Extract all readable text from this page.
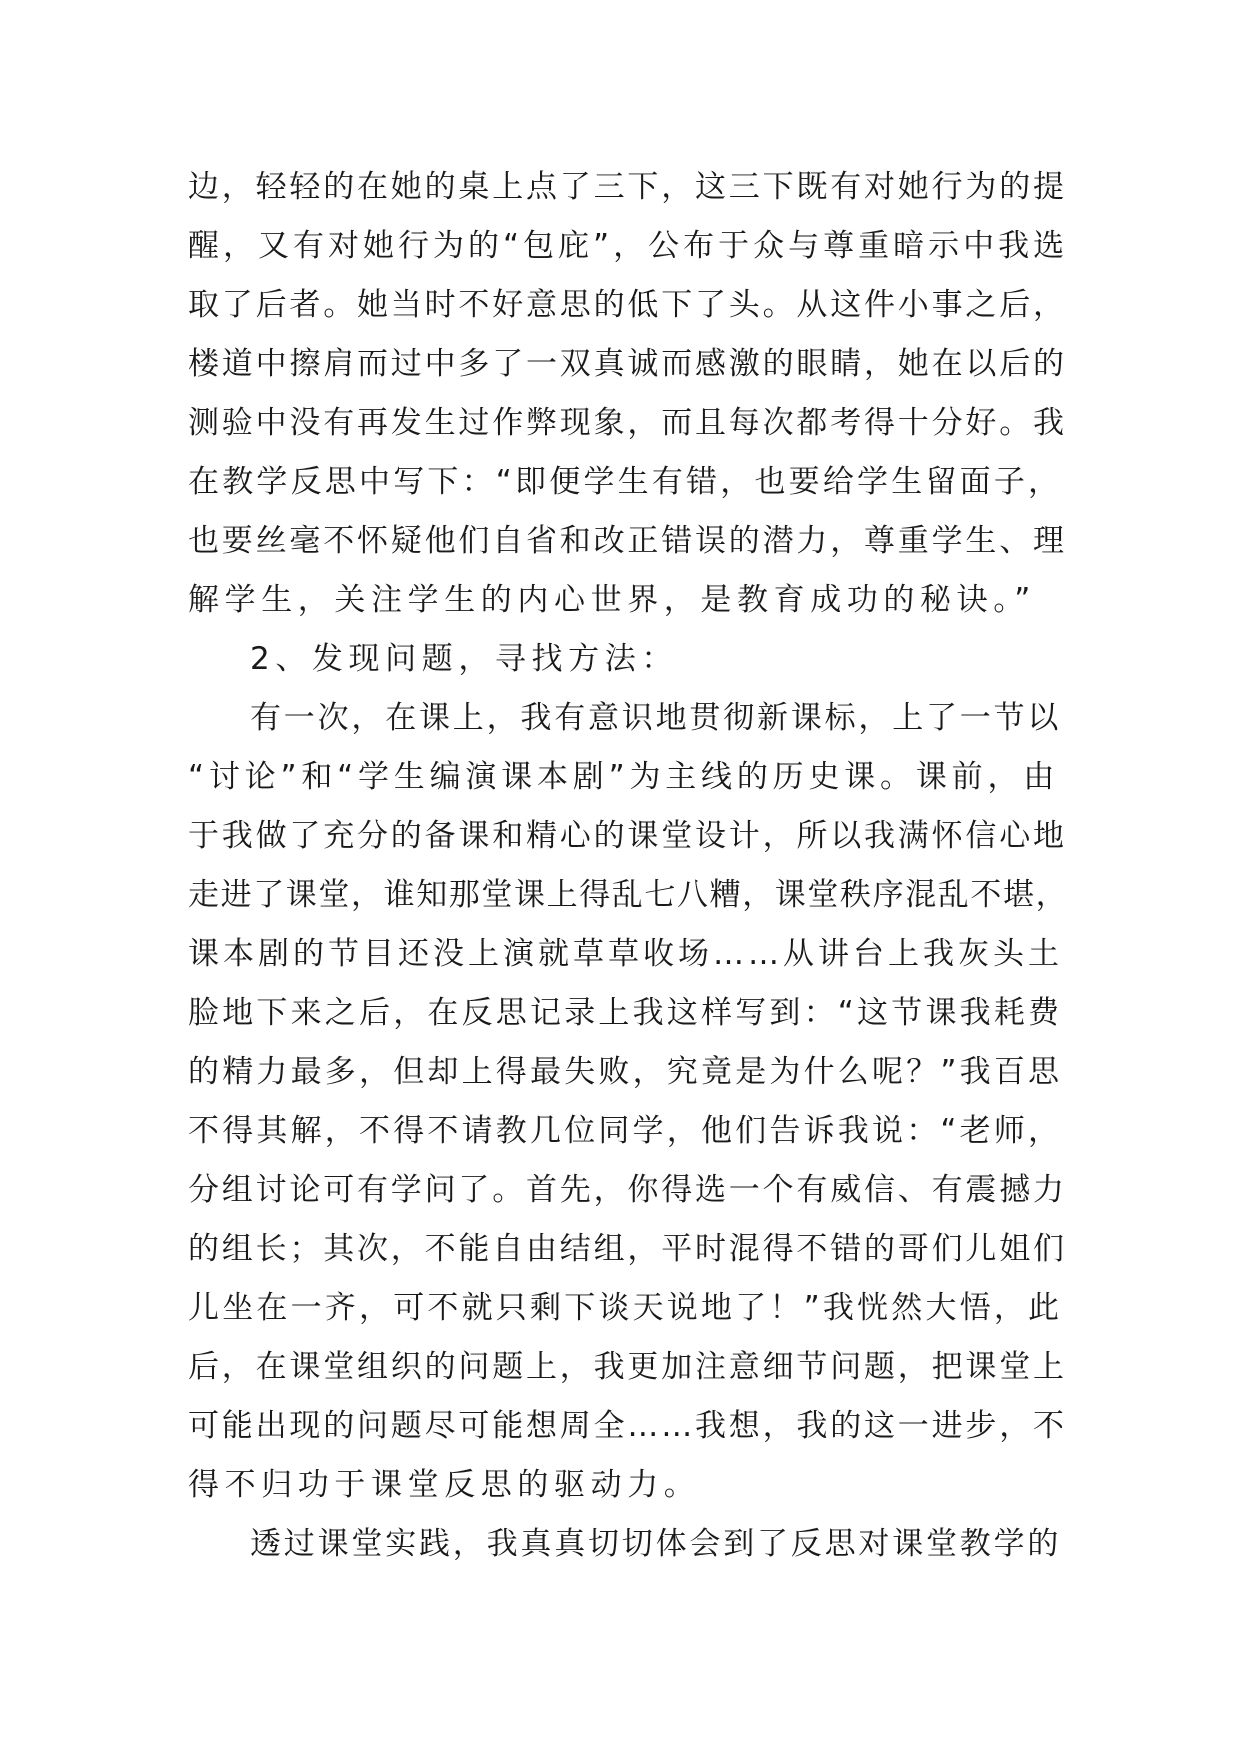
边，轻轻的在她的桌上点了三下，这三下既有对她行为的提
醒，又有对她行为的“包庇”，公布于众与尊重暗示中我选
取了后者。她当时不好意思的低下了头。从这件小事之后，
楼道中擦肩而过中多了一双真诚而感激的眼睛，她在以后的
测验中没有再发生过作弊现象，而且每次都考得十分好。我
在教学反思中写下：“即便学生有错，也要给学生留面子，
也要丝毫不怀疑他们自省和改正错误的潜力，尊重学生、理
解学生，关注学生的内心世界，是教育成功的秘诀。”
2、发现问题，寻找方法：
有一次，在课上，我有意识地贯彻新课标，上了一节以
“讨论”和“学生编演课本剧”为主线的历史课。课前，由
于我做了充分的备课和精心的课堂设计，所以我满怀信心地
走进了课堂，谁知那堂课上得乱七八糟，课堂秩序混乱不堪，
课本剧的节目还没上演就草草收场……从讲台上我灰头土
脸地下来之后，在反思记录上我这样写到：“这节课我耗费
的精力最多，但却上得最失败，究竟是为什么呢？”我百思
不得其解，不得不请教几位同学，他们告诉我说：“老师，
分组讨论可有学问了。首先，你得选一个有威信、有震撼力
的组长；其次，不能自由结组，平时混得不错的哥们儿姐们
儿坐在一齐，可不就只剩下谈天说地了！”我恍然大悟，此
后，在课堂组织的问题上，我更加注意细节问题，把课堂上
可能出现的问题尽可能想周全……我想，我的这一进步，不
得不归功于课堂反思的驱动力。
透过课堂实践，我真真切切体会到了反思对课堂教学的
